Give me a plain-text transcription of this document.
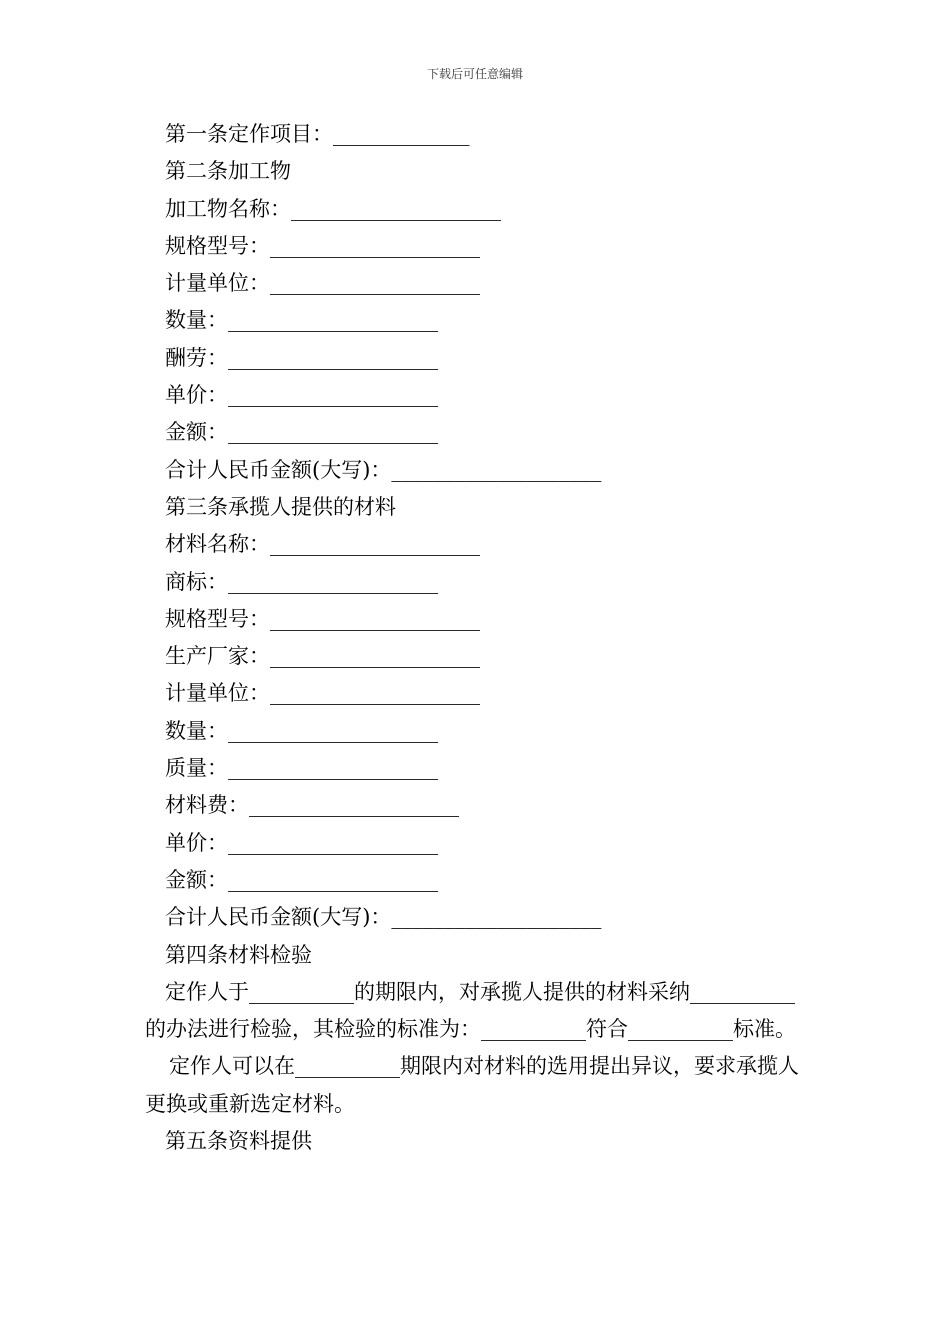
下载后可任意编辑
第一条定作项目：_____________
第二条加工物
加工物名称：____________________
规格型号：____________________
计量单位：____________________
数量：____________________
酬劳：____________________
单价：____________________
金额：____________________
合计人民币金额(大写)：____________________
第三条承揽人提供的材料
材料名称：____________________
商标：____________________
规格型号：____________________
生产厂家：____________________
计量单位：____________________
数量：____________________
质量：____________________
材料费：____________________
单价：____________________
金额：____________________
合计人民币金额(大写)：____________________
第四条材料检验
定作人于__________的期限内，对承揽人提供的材料采纳__________的办法进行检验，其检验的标准为：__________符合__________标准。
定作人可以在__________期限内对材料的选用提出异议，要求承揽人更换或重新选定材料。
第五条资料提供
